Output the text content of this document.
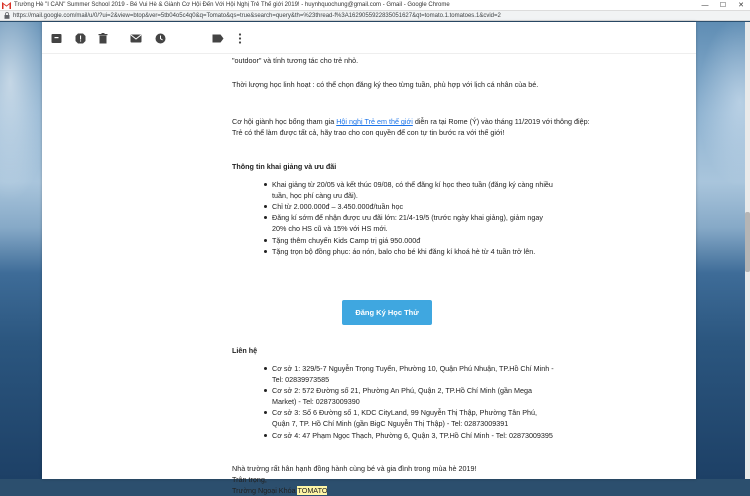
Trường Hè "I CAN" Summer School 2019 - Bé Vui Hè & Giành Cơ Hội Đến Với Hội Nghị Trẻ Thế giới 2019! - huynhquochung@gmail.com - Gmail - Google Chrome	—	☐	✕
https://mail.google.com/mail/u/0/?ui=2&view=btop&ver=5tb04o5c4q0&q=Tomato&qs=true&search=query&th=%23thread-f%3A1629055922835051627&qt=tomato.1.tomatoes.1&cvid=2
"outdoor" và tính tương tác cho trẻ nhỏ.
Thời lượng học linh hoạt : có thể chọn đăng ký theo từng tuần, phù hợp với lịch cá nhân của bé.
Cơ hội giành học bổng tham gia Hội nghị Trẻ em thế giới diễn ra tại Rome (Ý) vào tháng 11/2019 với thông điệp: Trẻ có thể làm được tất cả, hãy trao cho con quyền để con tự tin bước ra với thế giới!
Thông tin khai giảng và ưu đãi
Khai giảng từ 20/05 và kết thúc 09/08, có thể đăng kí học theo tuần (đăng ký càng nhiều tuần, học phí càng ưu đãi).
Chỉ từ 2.000.000đ – 3.450.000đ/tuần học
Đăng kí sớm để nhận được ưu đãi lớn: 21/4-19/5 (trước ngày khai giảng), giảm ngay 20% cho HS cũ và 15% với HS mới.
Tặng thêm chuyến Kids Camp trị giá 950.000đ
Tặng trọn bộ đồng phục: áo nón, balo cho bé khi đăng kí khoá hè từ 4 tuần trở lên.
Đăng Ký Học Thử
Liên hệ
Cơ sở 1: 329/5-7 Nguyễn Trọng Tuyển, Phường 10, Quận Phú Nhuận, TP.Hồ Chí Minh - Tel: 02839973585
Cơ sở 2: 572 Đường số 21, Phường An Phú, Quận 2, TP.Hồ Chí Minh (gần Mega Market) - Tel: 02873009390
Cơ sở 3: Số 6 Đường số 1, KDC CityLand, 99 Nguyễn Thị Thập, Phường Tân Phú, Quận 7, TP. Hồ Chí Minh (gần BigC Nguyễn Thị Thập) - Tel: 02873009391
Cơ sở 4: 47 Phạm Ngọc Thạch, Phường 6, Quận 3, TP.Hồ Chí Minh - Tel: 02873009395
Nhà trường rất hân hạnh đồng hành cùng bé và gia đình trong mùa hè 2019!
Trân trọng,
Trường Ngoại Khóa TOMATO
